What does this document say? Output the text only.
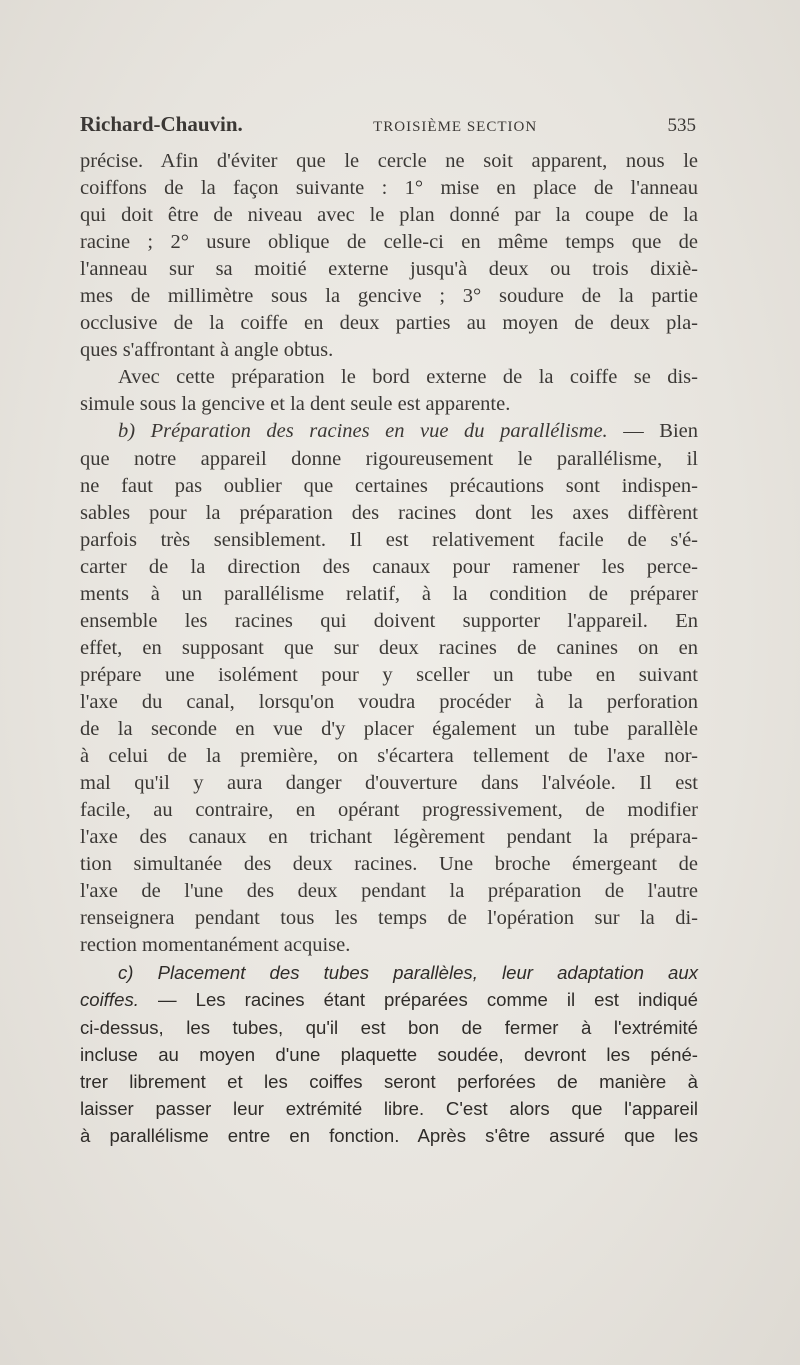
Richard-Chauvin.	TROISIÈME SECTION	535
précise. Afin d'éviter que le cercle ne soit apparent, nous le
coiffons de la façon suivante : 1° mise en place de l'anneau
qui doit être de niveau avec le plan donné par la coupe de la
racine ; 2° usure oblique de celle-ci en même temps que de
l'anneau sur sa moitié externe jusqu'à deux ou trois dixiè-
mes de millimètre sous la gencive ; 3° soudure de la partie
occlusive de la coiffe en deux parties au moyen de deux pla-
ques s'affrontant à angle obtus.
Avec cette préparation le bord externe de la coiffe se dis-
simule sous la gencive et la dent seule est apparente.
b) Préparation des racines en vue du parallélisme. — Bien
que notre appareil donne rigoureusement le parallélisme, il
ne faut pas oublier que certaines précautions sont indispen-
sables pour la préparation des racines dont les axes diffèrent
parfois très sensiblement. Il est relativement facile de s'é-
carter de la direction des canaux pour ramener les perce-
ments à un parallélisme relatif, à la condition de préparer
ensemble les racines qui doivent supporter l'appareil. En
effet, en supposant que sur deux racines de canines on en
prépare une isolément pour y sceller un tube en suivant
l'axe du canal, lorsqu'on voudra procéder à la perforation
de la seconde en vue d'y placer également un tube parallèle
à celui de la première, on s'écartera tellement de l'axe nor-
mal qu'il y aura danger d'ouverture dans l'alvéole. Il est
facile, au contraire, en opérant progressivement, de modifier
l'axe des canaux en trichant légèrement pendant la prépara-
tion simultanée des deux racines. Une broche émergeant de
l'axe de l'une des deux pendant la préparation de l'autre
renseignera pendant tous les temps de l'opération sur la di-
rection momentanément acquise.
c) Placement des tubes parallèles, leur adaptation aux
coiffes. — Les racines étant préparées comme il est indiqué
ci-dessus, les tubes, qu'il est bon de fermer à l'extrémité
incluse au moyen d'une plaquette soudée, devront les péné-
trer librement et les coiffes seront perforées de manière à
laisser passer leur extrémité libre. C'est alors que l'appareil
à parallélisme entre en fonction. Après s'être assuré que les
